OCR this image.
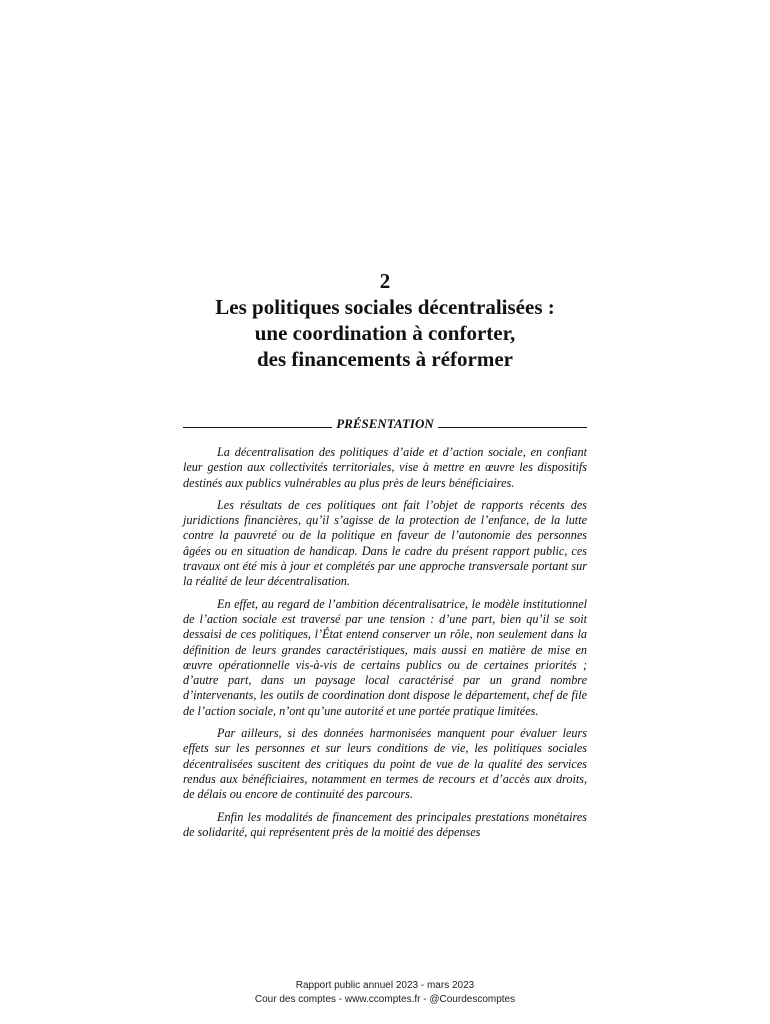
2
Les politiques sociales décentralisées :
une coordination à conforter,
des financements à réformer
PRÉSENTATION

La décentralisation des politiques d’aide et d’action sociale, en confiant leur gestion aux collectivités territoriales, vise à mettre en œuvre les dispositifs destinés aux publics vulnérables au plus près de leurs bénéficiaires.

Les résultats de ces politiques ont fait l’objet de rapports récents des juridictions financières, qu’il s’agisse de la protection de l’enfance, de la lutte contre la pauvreté ou de la politique en faveur de l’autonomie des personnes âgées ou en situation de handicap. Dans le cadre du présent rapport public, ces travaux ont été mis à jour et complétés par une approche transversale portant sur la réalité de leur décentralisation.

En effet, au regard de l’ambition décentralisatrice, le modèle institutionnel de l’action sociale est traversé par une tension : d’une part, bien qu’il se soit dessaisi de ces politiques, l’État entend conserver un rôle, non seulement dans la définition de leurs grandes caractéristiques, mais aussi en matière de mise en œuvre opérationnelle vis-à-vis de certains publics ou de certaines priorités ; d’autre part, dans un paysage local caractérisé par un grand nombre d’intervenants, les outils de coordination dont dispose le département, chef de file de l’action sociale, n’ont qu’une autorité et une portée pratique limitées.

Par ailleurs, si des données harmonisées manquent pour évaluer leurs effets sur les personnes et sur leurs conditions de vie, les politiques sociales décentralisées suscitent des critiques du point de vue de la qualité des services rendus aux bénéficiaires, notamment en termes de recours et d’accès aux droits, de délais ou encore de continuité des parcours.

Enfin les modalités de financement des principales prestations monétaires de solidarité, qui représentent près de la moitié des dépenses

Rapport public annuel 2023 - mars 2023
Cour des comptes - www.ccomptes.fr - @Courdescomptes
